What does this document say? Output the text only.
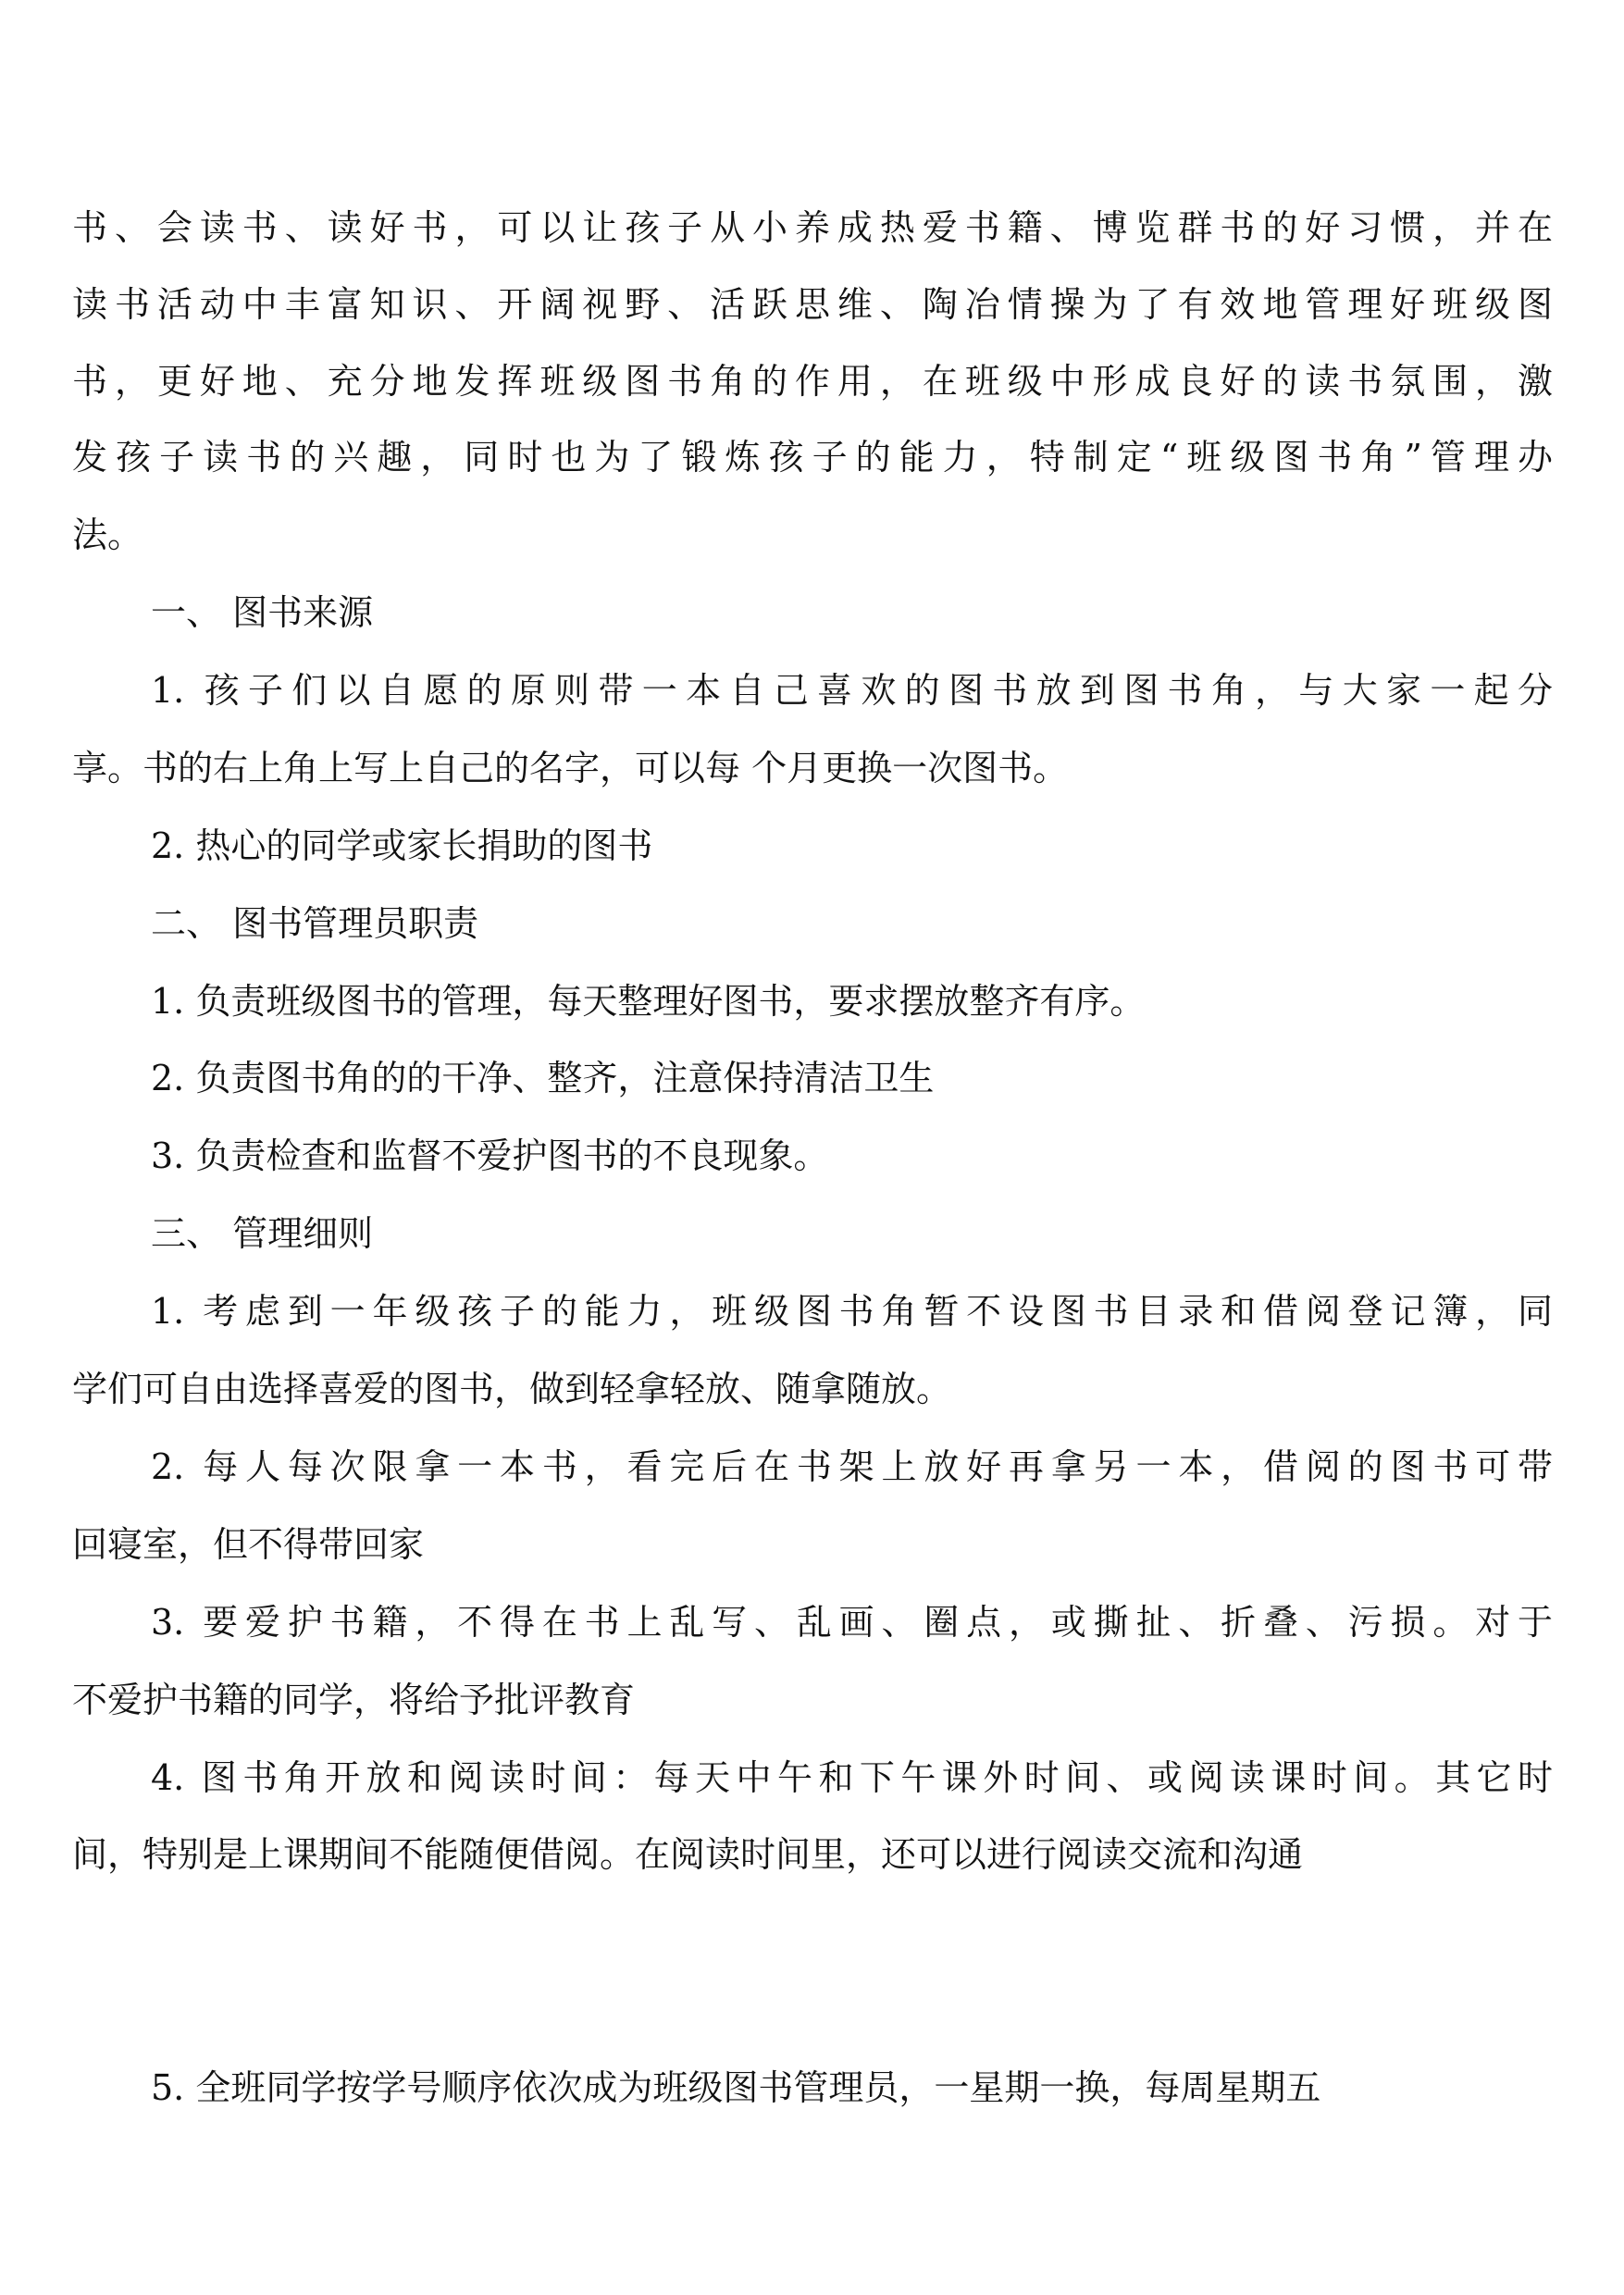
书、会读书、读好书，可以让孩子从小养成热爱书籍、博览群书的好习惯，并在
读书活动中丰富知识、开阔视野、活跃思维、陶冶情操为了有效地管理好班级图
书，更好地、充分地发挥班级图书角的作用，在班级中形成良好的读书氛围，激
发孩子读书的兴趣，同时也为了锻炼孩子的能力，特制定“班级图书角”管理办
法。
一、 图书来源
1. 孩子们以自愿的原则带一本自己喜欢的图书放到图书角，与大家一起分
享。书的右上角上写上自己的名字，可以每 个月更换一次图书。
2. 热心的同学或家长捐助的图书
二、 图书管理员职责
1. 负责班级图书的管理，每天整理好图书，要求摆放整齐有序。
2. 负责图书角的的干净、整齐，注意保持清洁卫生
3. 负责检查和监督不爱护图书的不良现象。
三、 管理细则
1. 考虑到一年级孩子的能力，班级图书角暂不设图书目录和借阅登记簿，同
学们可自由选择喜爱的图书，做到轻拿轻放、随拿随放。
2. 每人每次限拿一本书，看完后在书架上放好再拿另一本，借阅的图书可带
回寝室，但不得带回家
3. 要爱护书籍，不得在书上乱写、乱画、圈点，或撕扯、折叠、污损。对于
不爱护书籍的同学，将给予批评教育
4. 图书角开放和阅读时间：每天中午和下午课外时间、或阅读课时间。其它时
间，特别是上课期间不能随便借阅。在阅读时间里，还可以进行阅读交流和沟通
5. 全班同学按学号顺序依次成为班级图书管理员，一星期一换，每周星期五
